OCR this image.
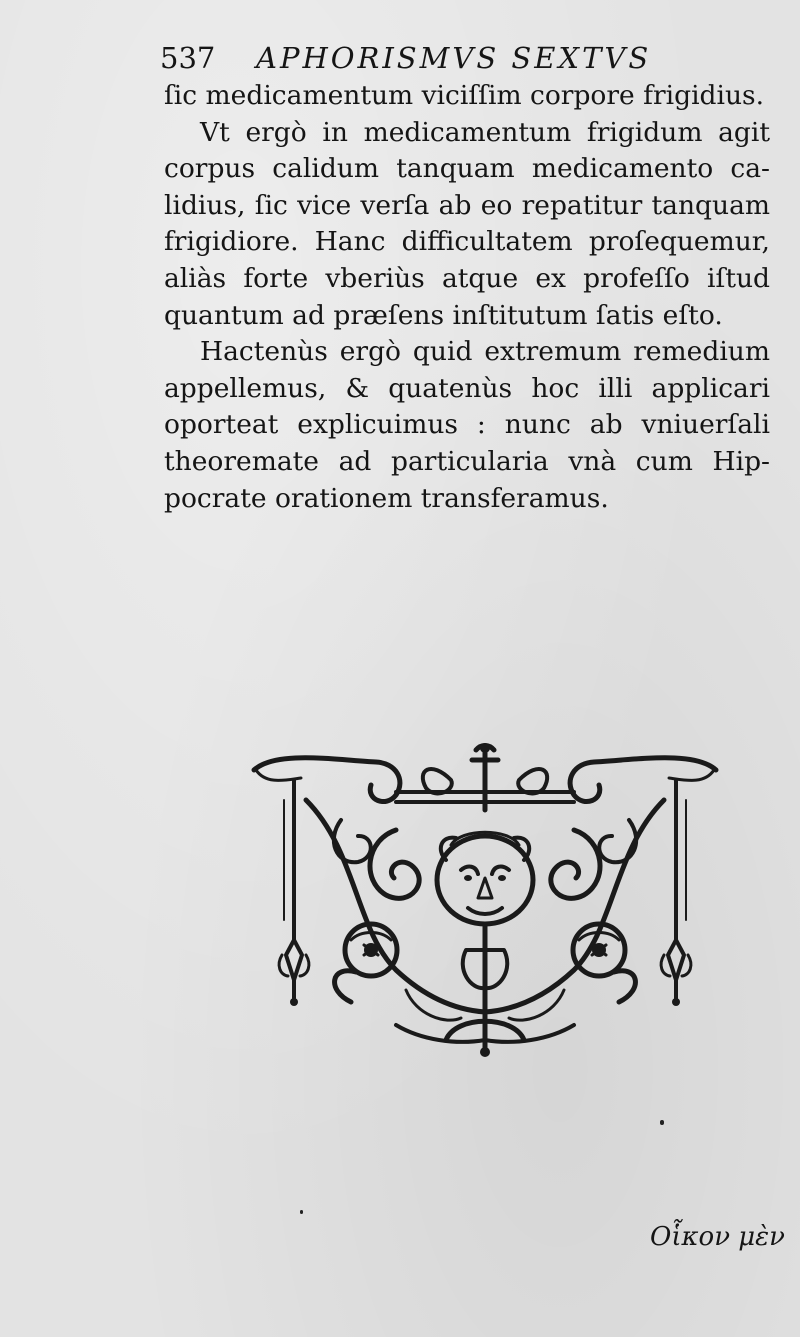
537 APHORISMVS SEXTVS
ſic medicamentum viciſſim corpore frigidius.
Vt ergò in medicamentum frigidum agit
corpus calidum tanquam medicamento ca-
lidius, ſic vice verſa ab eo repatitur tanquam
frigidiore. Hanc difficultatem proſequemur,
aliàs forte vberiùs atque ex profeſſo iſtud
quantum ad præſens inſtitutum ſatis eſto.
Hactenùs ergò quid extremum remedium
appellemus, & quatenùs hoc illi applicari
oporteat explicuimus : nunc ab vniuerſali
theoremate ad particularia vnà cum Hip-
pocrate orationem transferamus.
Οἷκον μὲν
